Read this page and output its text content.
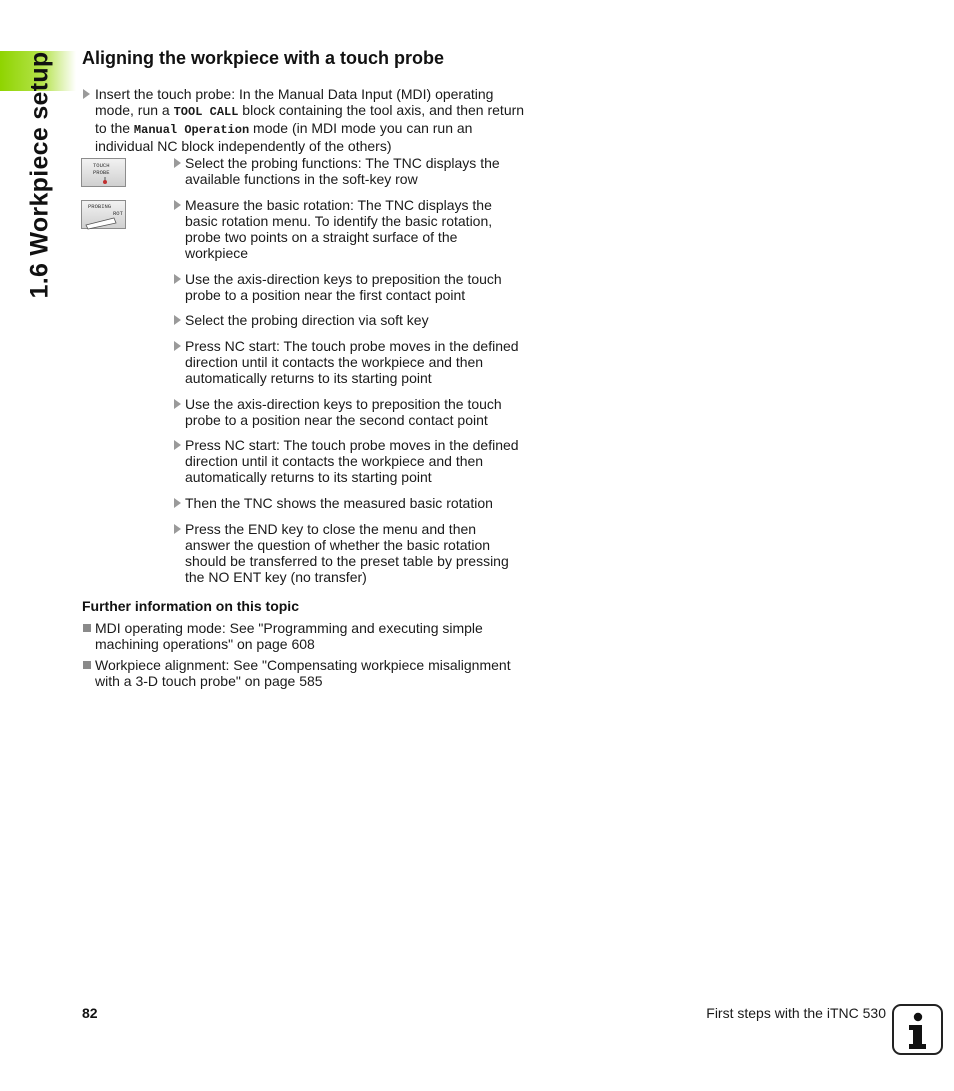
1.6 Workpiece setup Aligning the workpiece with a touch probe
Insert the touch probe: In the Manual Data Input (MDI) operating
mode, run a TOOL CALL block containing the tool axis, and then return
to the Manual Operation mode (in MDI mode you can run an
individual NC block independently of the others)
TOUCH
PROBE
PROBING
ROT
Select the probing functions: The TNC displays the
available functions in the soft-key row
Measure the basic rotation: The TNC displays the
basic rotation menu. To identify the basic rotation,
probe two points on a straight surface of the
workpiece
Use the axis-direction keys to preposition the touch
probe to a position near the first contact point
Select the probing direction via soft key
Press NC start: The touch probe moves in the defined
direction until it contacts the workpiece and then
automatically returns to its starting point
Use the axis-direction keys to preposition the touch
probe to a position near the second contact point
Press NC start: The touch probe moves in the defined
direction until it contacts the workpiece and then
automatically returns to its starting point
Then the TNC shows the measured basic rotation
Press the END key to close the menu and then
answer the question of whether the basic rotation
should be transferred to the preset table by pressing
the NO ENT key (no transfer)
Further information on this topic
MDI operating mode: See "Programming and executing simple
machining operations" on page 608
Workpiece alignment: See "Compensating workpiece misalignment
with a 3-D touch probe" on page 585
82	First steps with the iTNC 530
